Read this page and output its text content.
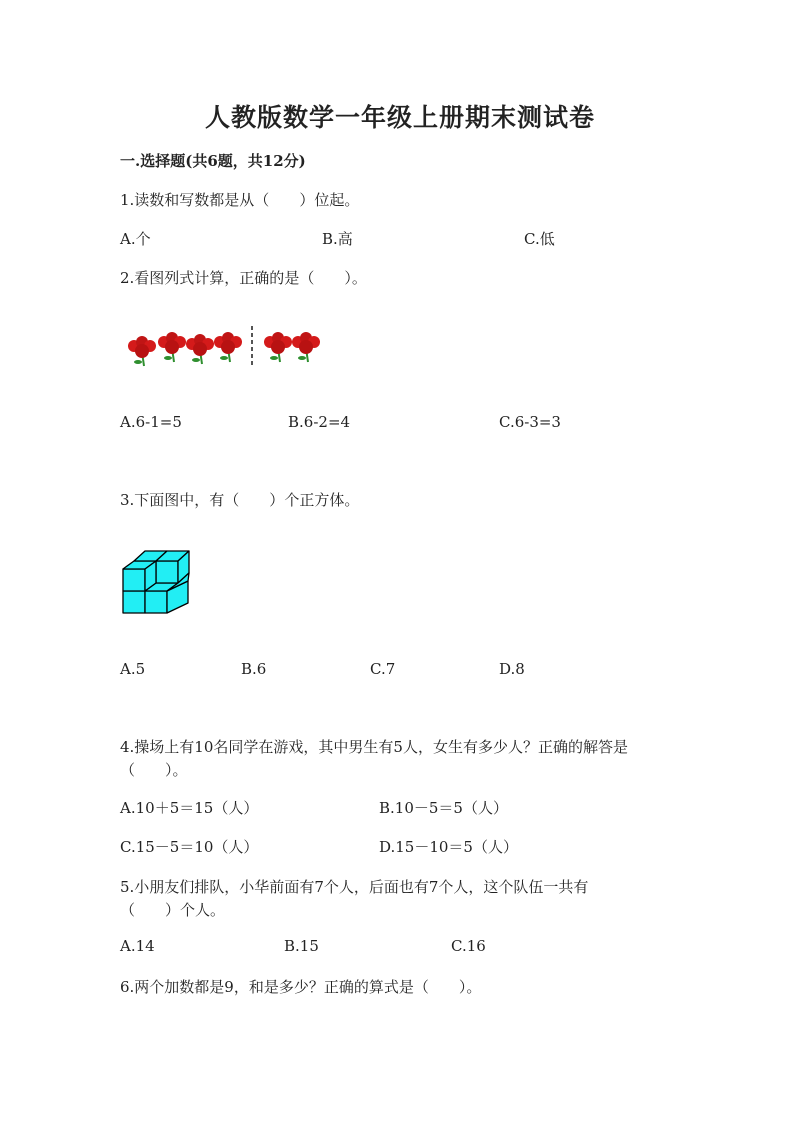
人教版数学一年级上册期末测试卷
一.选择题(共6题，共12分)
1.读数和写数都是从（　　）位起。
A.个	B.高	C.低
2.看图列式计算，正确的是（　　）。
A.6-1=5	B.6-2=4	C.6-3=3
3.下面图中，有（　　）个正方体。
A.5	B.6	C.7	D.8
4.操场上有10名同学在游戏，其中男生有5人，女生有多少人？正确的解答是
（　　）。
A.10＋5＝15（人）	B.10－5＝5（人）
C.15－5＝10（人）	D.15－10＝5（人）
5.小朋友们排队，小华前面有7个人，后面也有7个人，这个队伍一共有
（　　）个人。
A.14	B.15	C.16
6.两个加数都是9，和是多少？正确的算式是（　　）。
